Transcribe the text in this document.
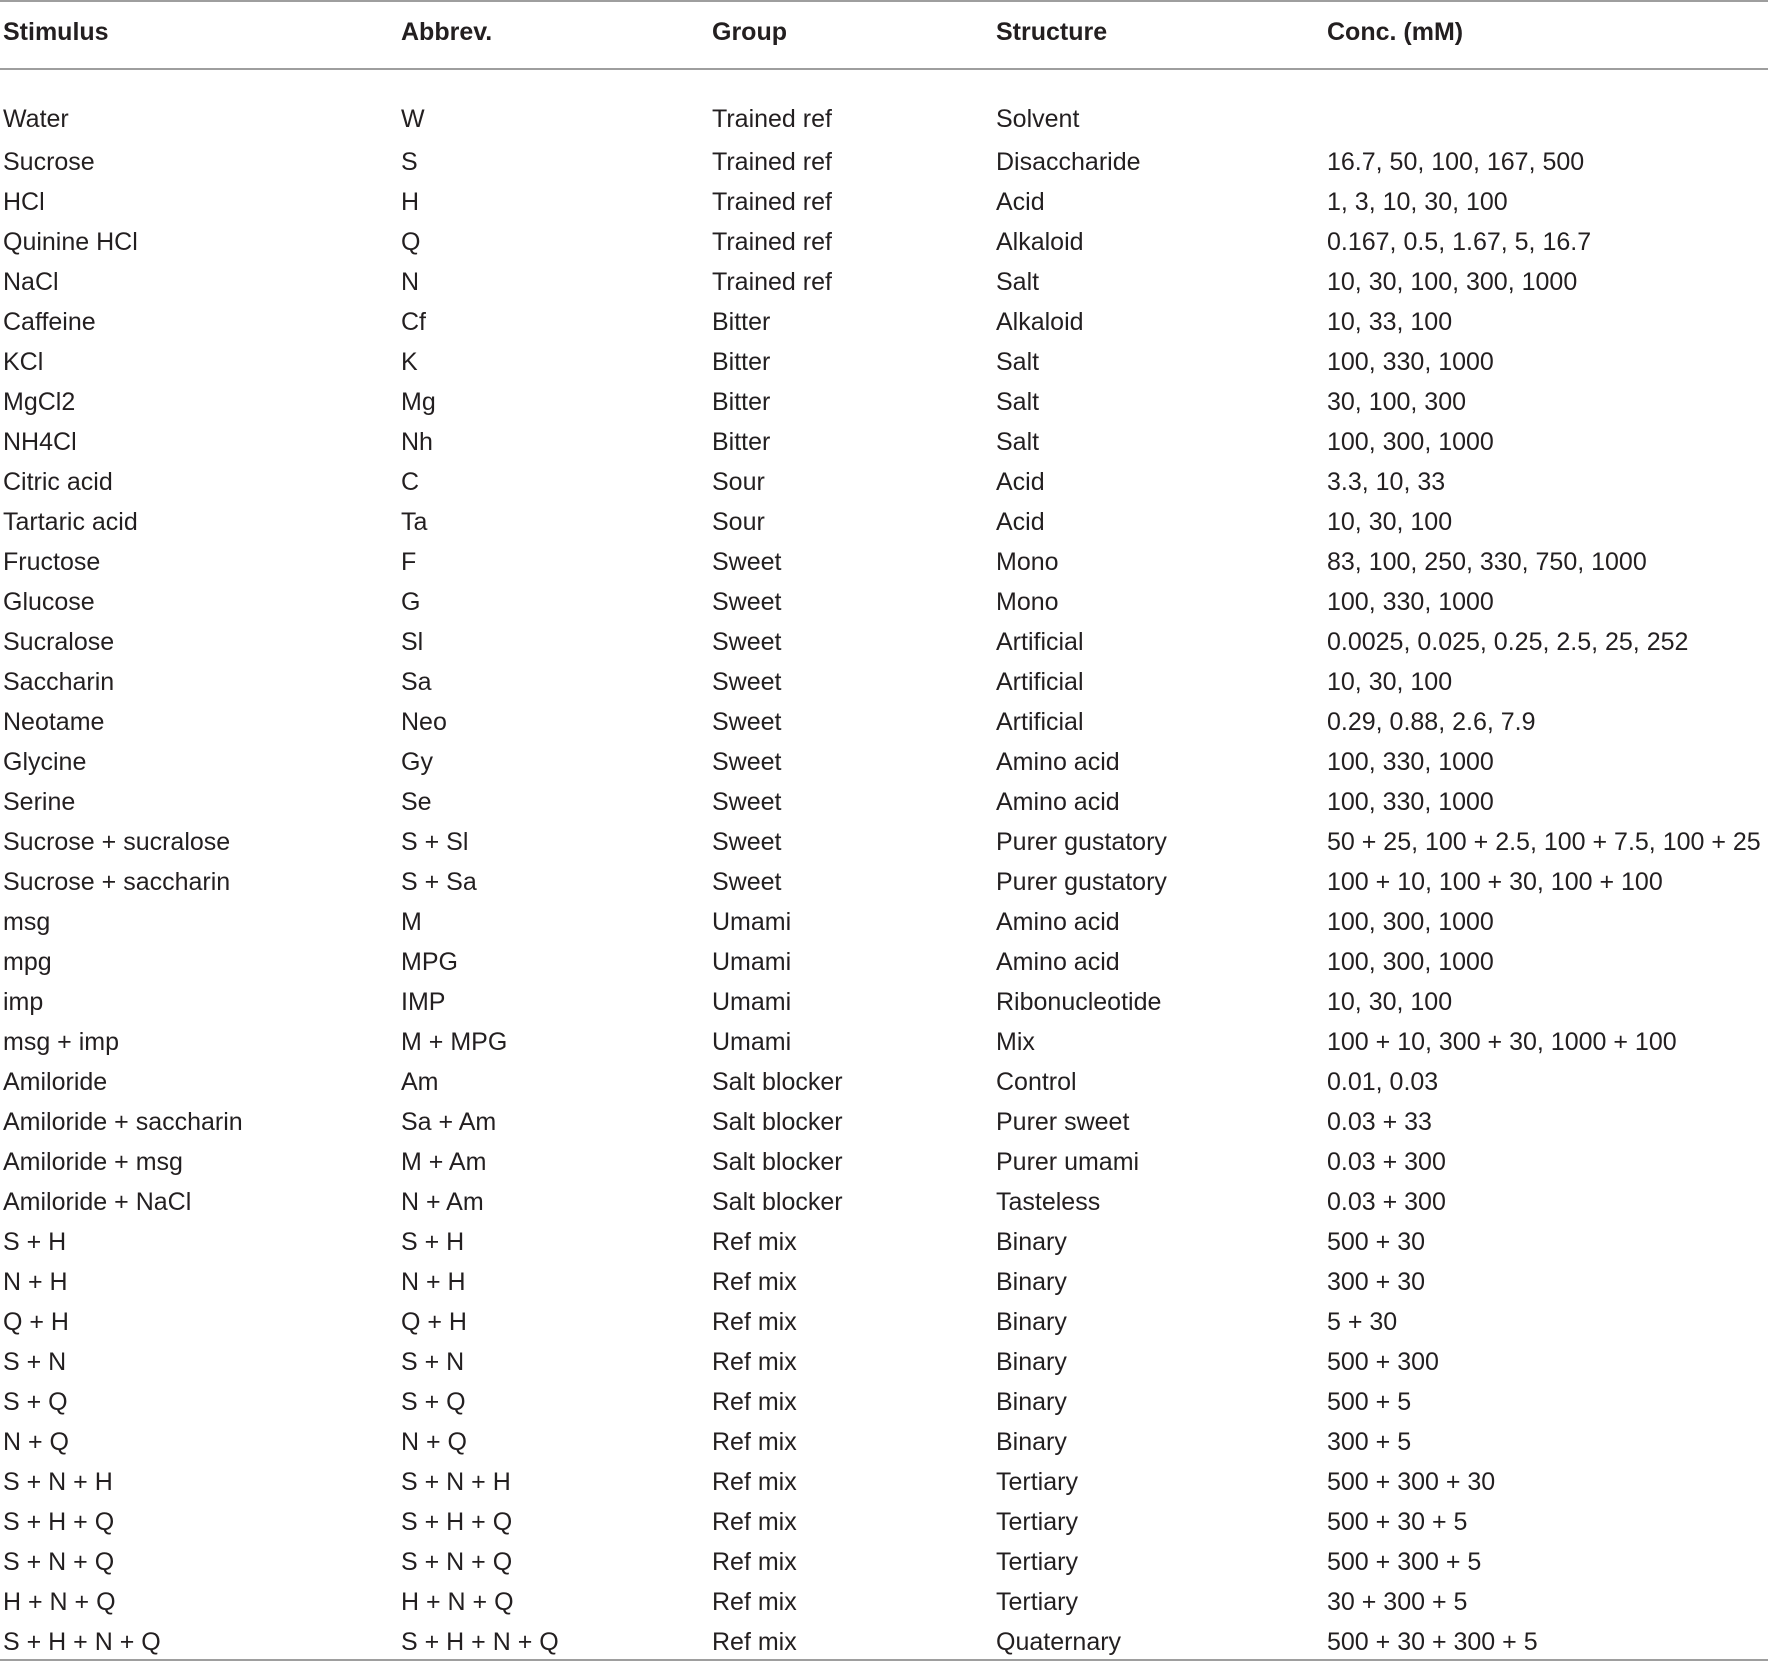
Stimulus	Abbrev.	Group	Structure	Conc. (mM)
Water	W	Trained ref	Solvent	
Sucrose	S	Trained ref	Disaccharide	16.7, 50, 100, 167, 500
HCl	H	Trained ref	Acid	1, 3, 10, 30, 100
Quinine HCl	Q	Trained ref	Alkaloid	0.167, 0.5, 1.67, 5, 16.7
NaCl	N	Trained ref	Salt	10, 30, 100, 300, 1000
Caffeine	Cf	Bitter	Alkaloid	10, 33, 100
KCl	K	Bitter	Salt	100, 330, 1000
MgCl2	Mg	Bitter	Salt	30, 100, 300
NH4Cl	Nh	Bitter	Salt	100, 300, 1000
Citric acid	C	Sour	Acid	3.3, 10, 33
Tartaric acid	Ta	Sour	Acid	10, 30, 100
Fructose	F	Sweet	Mono	83, 100, 250, 330, 750, 1000
Glucose	G	Sweet	Mono	100, 330, 1000
Sucralose	Sl	Sweet	Artificial	0.0025, 0.025, 0.25, 2.5, 25, 252
Saccharin	Sa	Sweet	Artificial	10, 30, 100
Neotame	Neo	Sweet	Artificial	0.29, 0.88, 2.6, 7.9
Glycine	Gy	Sweet	Amino acid	100, 330, 1000
Serine	Se	Sweet	Amino acid	100, 330, 1000
Sucrose + sucralose	S + Sl	Sweet	Purer gustatory	50 + 25, 100 + 2.5, 100 + 7.5, 100 + 25
Sucrose + saccharin	S + Sa	Sweet	Purer gustatory	100 + 10, 100 + 30, 100 + 100
msg	M	Umami	Amino acid	100, 300, 1000
mpg	MPG	Umami	Amino acid	100, 300, 1000
imp	IMP	Umami	Ribonucleotide	10, 30, 100
msg + imp	M + MPG	Umami	Mix	100 + 10, 300 + 30, 1000 + 100
Amiloride	Am	Salt blocker	Control	0.01, 0.03
Amiloride + saccharin	Sa + Am	Salt blocker	Purer sweet	0.03 + 33
Amiloride + msg	M + Am	Salt blocker	Purer umami	0.03 + 300
Amiloride + NaCl	N + Am	Salt blocker	Tasteless	0.03 + 300
S + H	S + H	Ref mix	Binary	500 + 30
N + H	N + H	Ref mix	Binary	300 + 30
Q + H	Q + H	Ref mix	Binary	5 + 30
S + N	S + N	Ref mix	Binary	500 + 300
S + Q	S + Q	Ref mix	Binary	500 + 5
N + Q	N + Q	Ref mix	Binary	300 + 5
S + N + H	S + N + H	Ref mix	Tertiary	500 + 300 + 30
S + H + Q	S + H + Q	Ref mix	Tertiary	500 + 30 + 5
S + N + Q	S + N + Q	Ref mix	Tertiary	500 + 300 + 5
H + N + Q	H + N + Q	Ref mix	Tertiary	30 + 300 + 5
S + H + N + Q	S + H + N + Q	Ref mix	Quaternary	500 + 30 + 300 + 5
